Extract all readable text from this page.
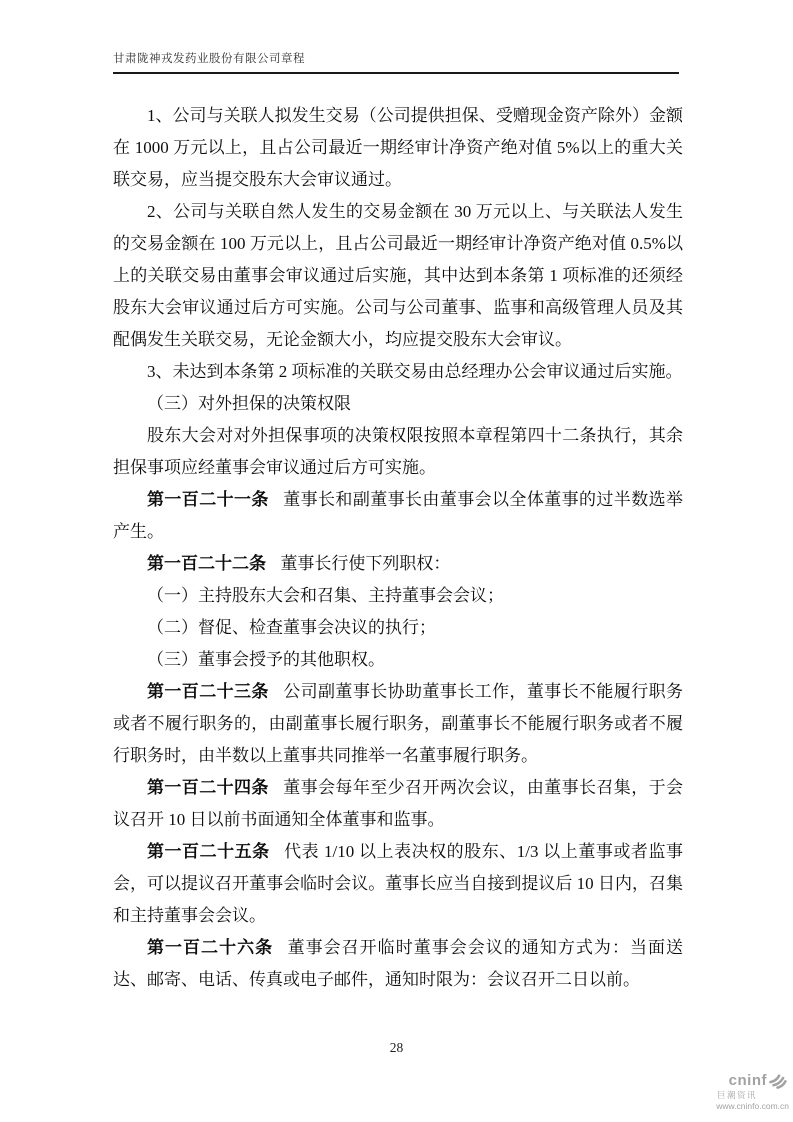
甘肃陇神戎发药业股份有限公司章程

1、公司与关联人拟发生交易（公司提供担保、受赠现金资产除外）金额在 1000 万元以上，且占公司最近一期经审计净资产绝对值 5%以上的重大关联交易，应当提交股东大会审议通过。

2、公司与关联自然人发生的交易金额在 30 万元以上、与关联法人发生的交易金额在 100 万元以上，且占公司最近一期经审计净资产绝对值 0.5%以上的关联交易由董事会审议通过后实施，其中达到本条第 1 项标准的还须经股东大会审议通过后方可实施。公司与公司董事、监事和高级管理人员及其配偶发生关联交易，无论金额大小，均应提交股东大会审议。

3、未达到本条第 2 项标准的关联交易由总经理办公会审议通过后实施。

（三）对外担保的决策权限

股东大会对对外担保事项的决策权限按照本章程第四十二条执行，其余担保事项应经董事会审议通过后方可实施。

第一百二十一条 董事长和副董事长由董事会以全体董事的过半数选举产生。

第一百二十二条 董事长行使下列职权：

（一）主持股东大会和召集、主持董事会会议；

（二）督促、检查董事会决议的执行；

（三）董事会授予的其他职权。

第一百二十三条 公司副董事长协助董事长工作，董事长不能履行职务或者不履行职务的，由副董事长履行职务，副董事长不能履行职务或者不履行职务时，由半数以上董事共同推举一名董事履行职务。

第一百二十四条 董事会每年至少召开两次会议，由董事长召集，于会议召开 10 日以前书面通知全体董事和监事。

第一百二十五条 代表 1/10 以上表决权的股东、1/3 以上董事或者监事会，可以提议召开董事会临时会议。董事长应当自接到提议后 10 日内，召集和主持董事会会议。

第一百二十六条 董事会召开临时董事会会议的通知方式为：当面送达、邮寄、电话、传真或电子邮件，通知时限为：会议召开二日以前。

28
cninf
巨潮资讯
www.cninfo.com.cn
